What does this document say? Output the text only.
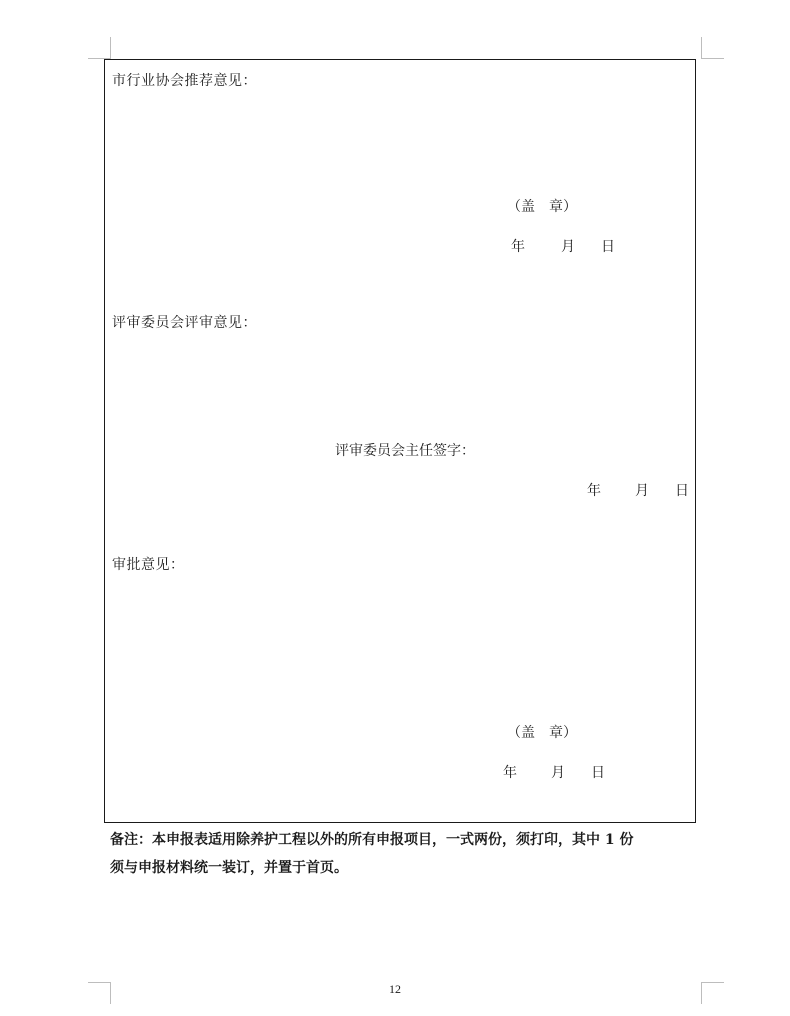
市行业协会推荐意见：
（盖　章）
年	月 日
评审委员会评审意见：
评审委员会主任签字：
年 月 日
审批意见：
（盖　章）
年 月 日
备注：本申报表适用除养护工程以外的所有申报项目，一式两份，须打印，其中 1 份
须与申报材料统一装订，并置于首页。
12
